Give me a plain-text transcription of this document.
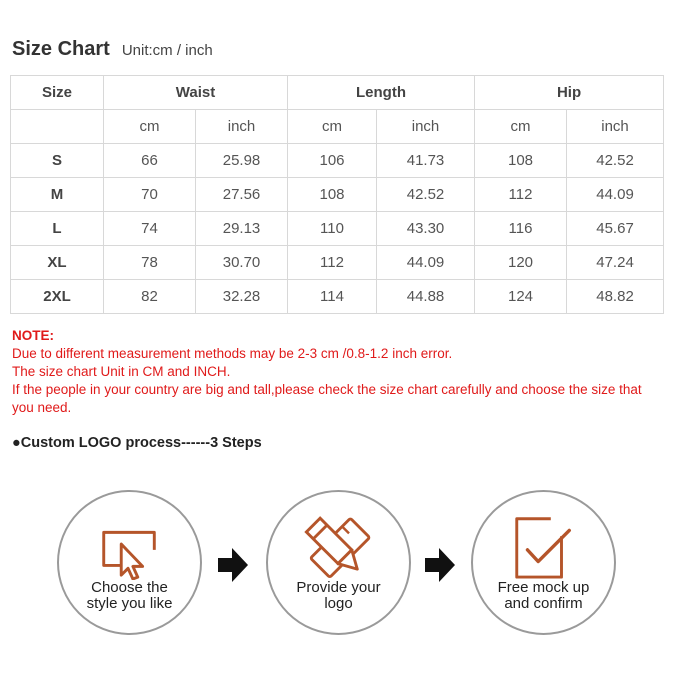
Size Chart Unit:cm / inch
Size	Waist		Length		Hip	
	cm	inch	cm	inch	cm	inch
S	66	25.98	106	41.73	108	42.52
M	70	27.56	108	42.52	112	44.09
L	74	29.13	110	43.30	116	45.67
XL	78	30.70	112	44.09	120	47.24
2XL	82	32.28	114	44.88	124	48.82
NOTE:
Due to different measurement methods may be 2-3 cm /0.8-1.2 inch error.
The size chart Unit in CM and INCH.
If the people in your country are big and tall,please check the size chart carefully and choose the size that you need.
●Custom LOGO process------3 Steps
Choose the
style you like
Provide your
logo
Free mock up
and confirm
